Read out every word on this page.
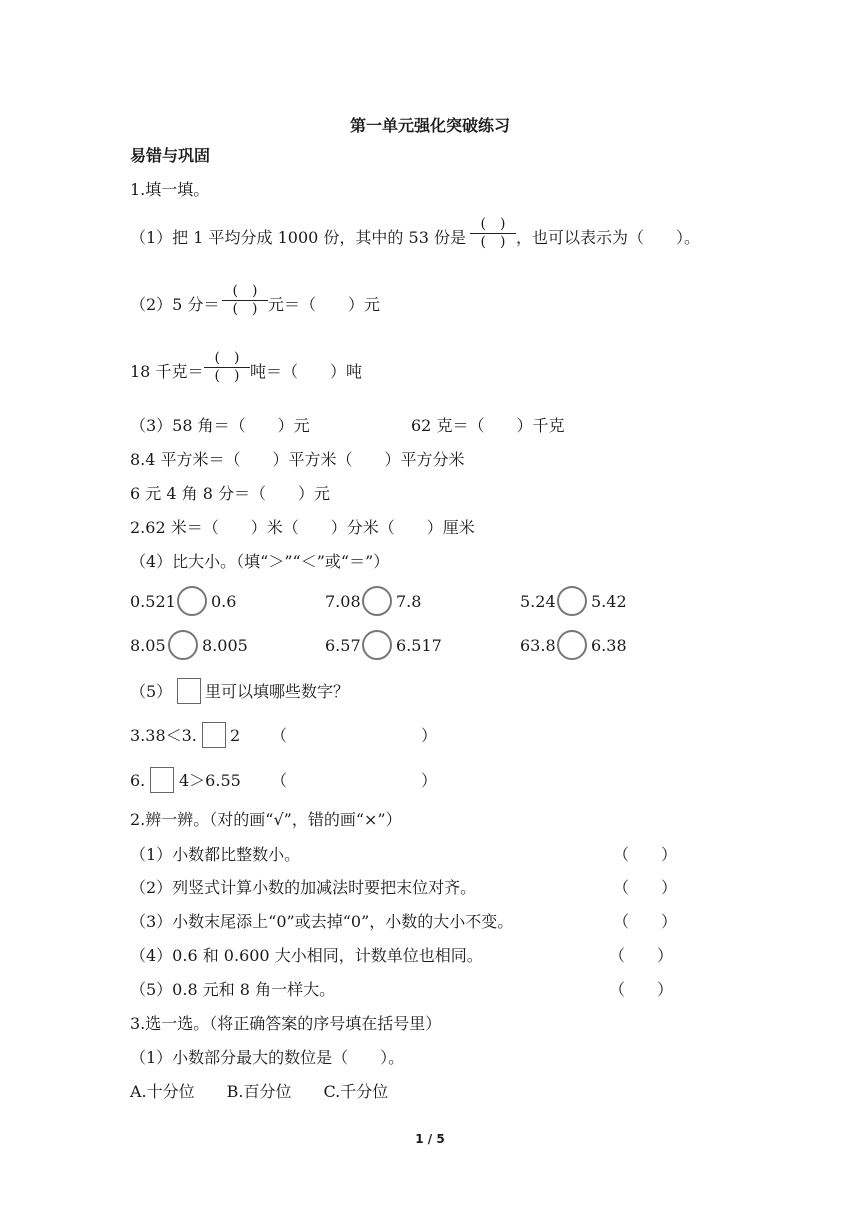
第一单元强化突破练习
易错与巩固
1.填一填。
（1）把 1 平均分成 1000 份，其中的 53 份是
(　)
(　) ，也可以表示为（　　）。
（2）5 分＝
(　)
(　) 元＝（　　）元
18 千克＝
(　)
(　) 吨＝（　　）吨
（3）58 角＝（　　）元	62 克＝（　　）千克
8.4 平方米＝（　　）平方米（　　）平方分米
6 元 4 角 8 分＝（　　）元
2.62 米＝（　　）米（　　）分米（　　）厘米
（4）比大小。（填“＞”“＜”或“＝”）
0.521 0.6	7.08 7.8	5.24 5.42
8.05 8.005	6.57 6.517	63.8 6.38
（5） 里可以填哪些数字？
3.38＜3. 2 （	）
6. 4＞6.55 （	）
2.辨一辨。（对的画“√”，错的画“×”）
（1）小数都比整数小。	（　　）
（2）列竖式计算小数的加减法时要把末位对齐。	（　　）
（3）小数末尾添上“0”或去掉“0”，小数的大小不变。	（　　）
（4）0.6 和 0.600 大小相同，计数单位也相同。	（　　）
（5）0.8 元和 8 角一样大。	（　　）
3.选一选。（将正确答案的序号填在括号里）
（1）小数部分最大的数位是（　　）。
A.十分位　　B.百分位　　C.千分位
1 / 5
